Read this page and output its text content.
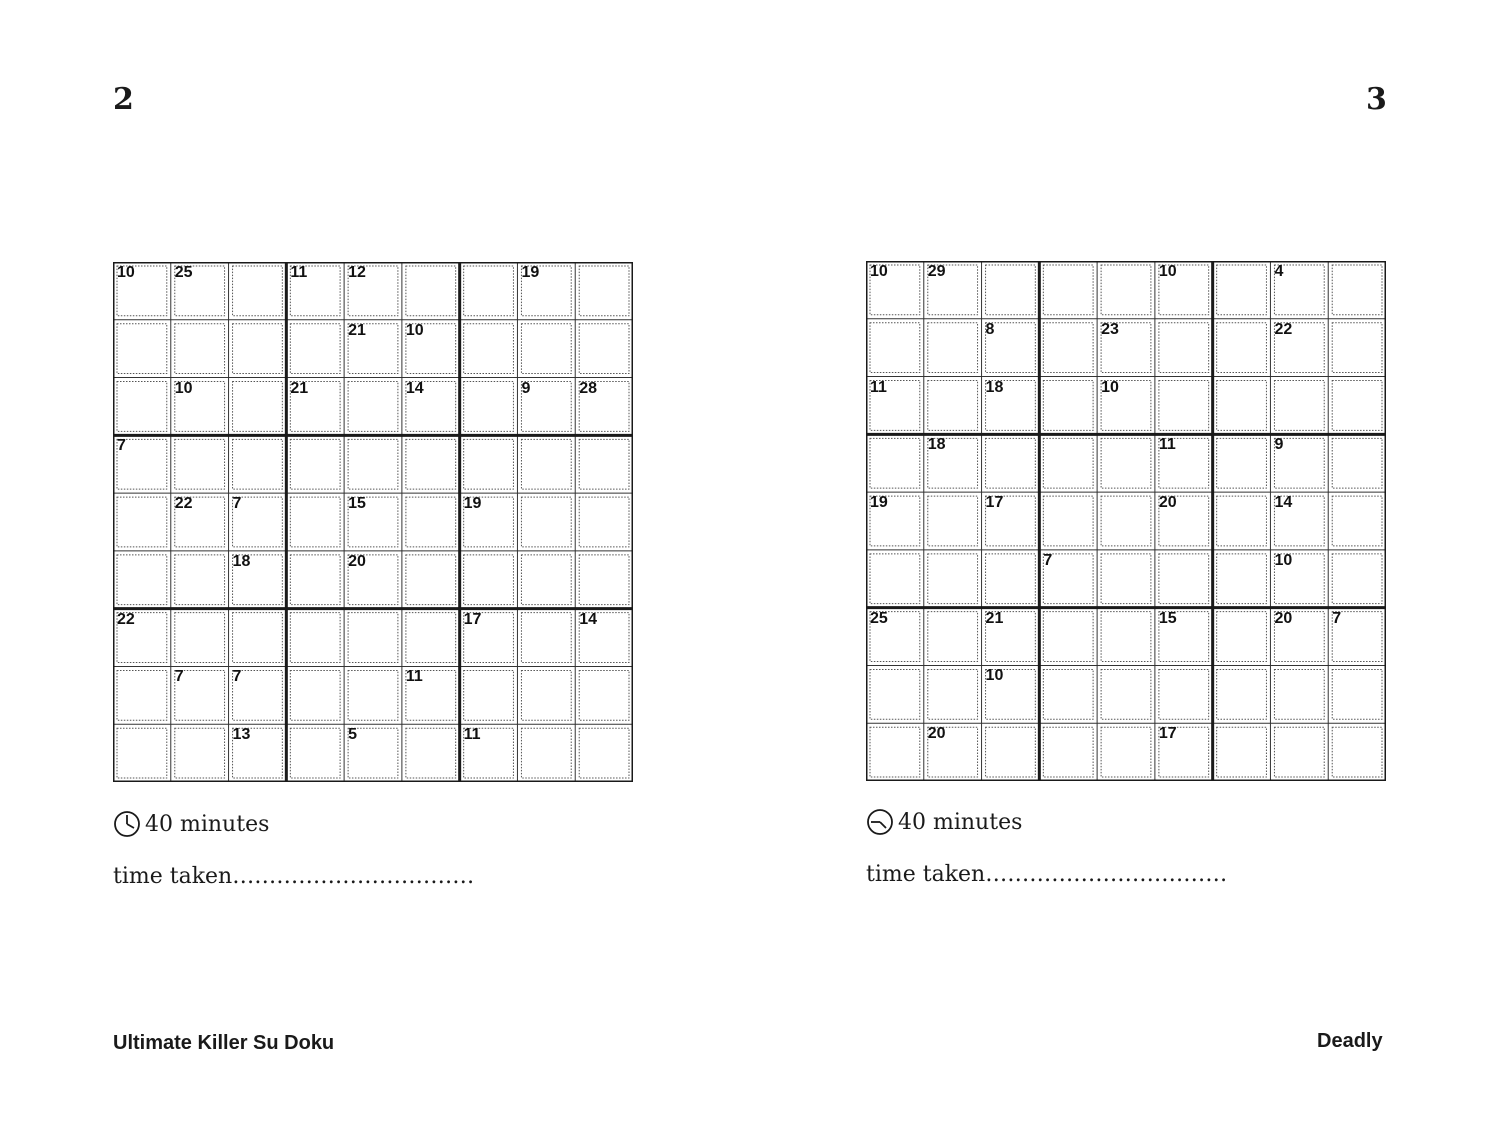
2
10 25	11	12	19
21 10
10	21	14	9	28
7
22 7	15	19
18	20
22	17	14
7	7	11
13	5	11
40 minutes
time taken……………………………
Ultimate Killer Su Doku
3
10 29	10	4
8	23	22
11	18	10
18	11	9
19	17	20	14
7	10
25	21	15	20 7
10
20	17
40 minutes
time taken……………………………
Deadly
